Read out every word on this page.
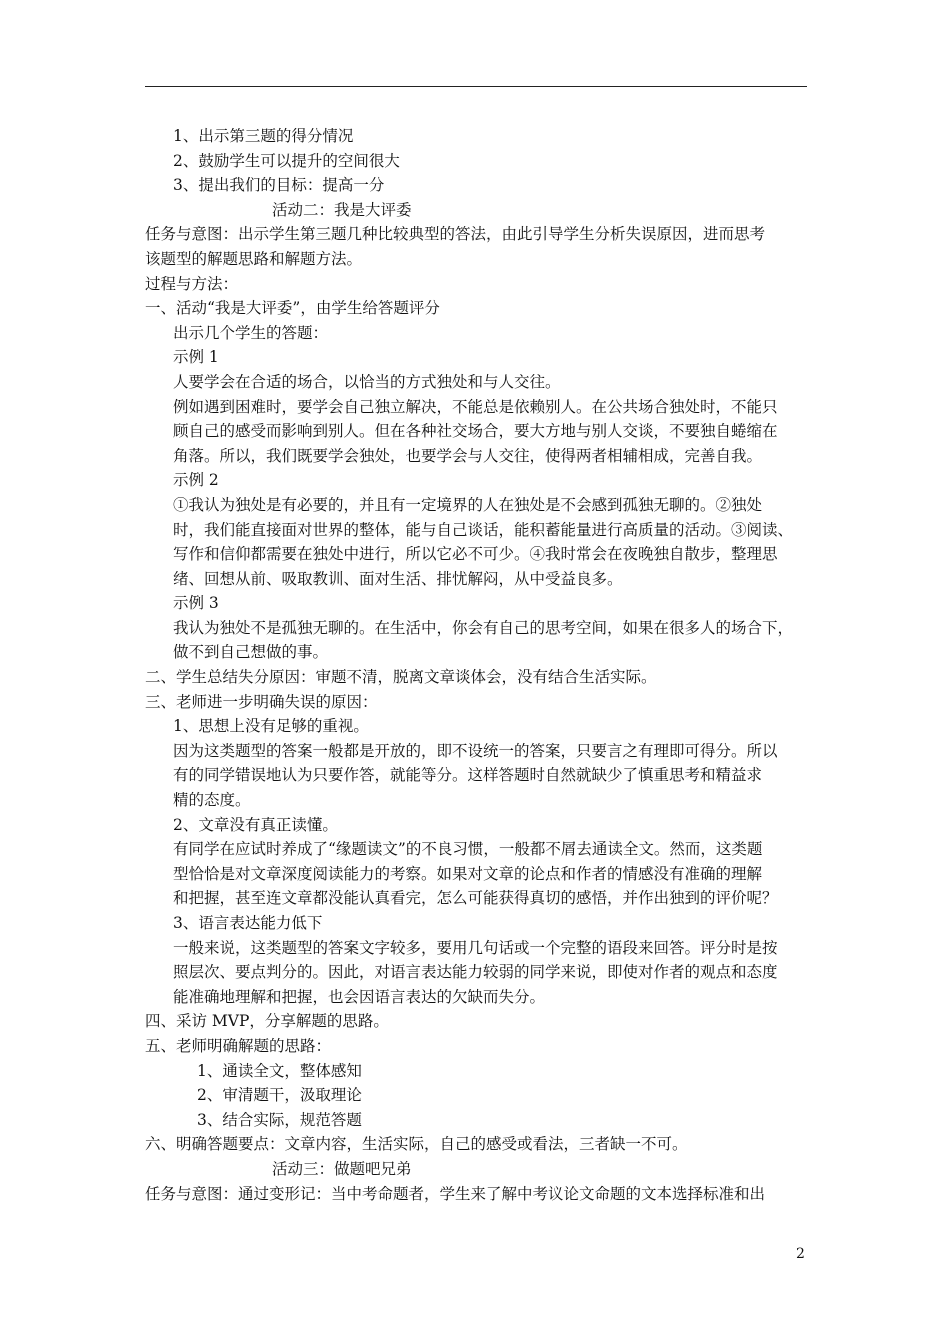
1、出示第三题的得分情况
2、鼓励学生可以提升的空间很大
3、提出我们的目标：提高一分
活动二：我是大评委
任务与意图：出示学生第三题几种比较典型的答法，由此引导学生分析失误原因，进而思考
该题型的解题思路和解题方法。
过程与方法：
一、活动“我是大评委”，由学生给答题评分
出示几个学生的答题：
示例 1
人要学会在合适的场合，以恰当的方式独处和与人交往。
例如遇到困难时，要学会自己独立解决，不能总是依赖别人。在公共场合独处时，不能只
顾自己的感受而影响到别人。但在各种社交场合，要大方地与别人交谈，不要独自蜷缩在
角落。所以，我们既要学会独处，也要学会与人交往，使得两者相辅相成，完善自我。
示例 2
①我认为独处是有必要的，并且有一定境界的人在独处是不会感到孤独无聊的。②独处
时，我们能直接面对世界的整体，能与自己谈话，能积蓄能量进行高质量的活动。③阅读、
写作和信仰都需要在独处中进行，所以它必不可少。④我时常会在夜晚独自散步，整理思
绪、回想从前、吸取教训、面对生活、排忧解闷，从中受益良多。
示例 3
我认为独处不是孤独无聊的。在生活中，你会有自己的思考空间，如果在很多人的场合下，
做不到自己想做的事。
二、学生总结失分原因：审题不清，脱离文章谈体会，没有结合生活实际。
三、老师进一步明确失误的原因：
1、思想上没有足够的重视。
因为这类题型的答案一般都是开放的，即不设统一的答案，只要言之有理即可得分。所以
有的同学错误地认为只要作答，就能等分。这样答题时自然就缺少了慎重思考和精益求
精的态度。
2、文章没有真正读懂。
有同学在应试时养成了“缘题读文”的不良习惯，一般都不屑去通读全文。然而，这类题
型恰恰是对文章深度阅读能力的考察。如果对文章的论点和作者的情感没有准确的理解
和把握，甚至连文章都没能认真看完，怎么可能获得真切的感悟，并作出独到的评价呢？
3、语言表达能力低下
一般来说，这类题型的答案文字较多，要用几句话或一个完整的语段来回答。评分时是按
照层次、要点判分的。因此，对语言表达能力较弱的同学来说，即使对作者的观点和态度
能准确地理解和把握，也会因语言表达的欠缺而失分。
四、采访 MVP，分享解题的思路。
五、老师明确解题的思路：
1、通读全文，整体感知
2、审清题干，汲取理论
3、结合实际，规范答题
六、明确答题要点：文章内容，生活实际，自己的感受或看法，三者缺一不可。
活动三：做题吧兄弟
任务与意图：通过变形记：当中考命题者，学生来了解中考议论文命题的文本选择标准和出
2
